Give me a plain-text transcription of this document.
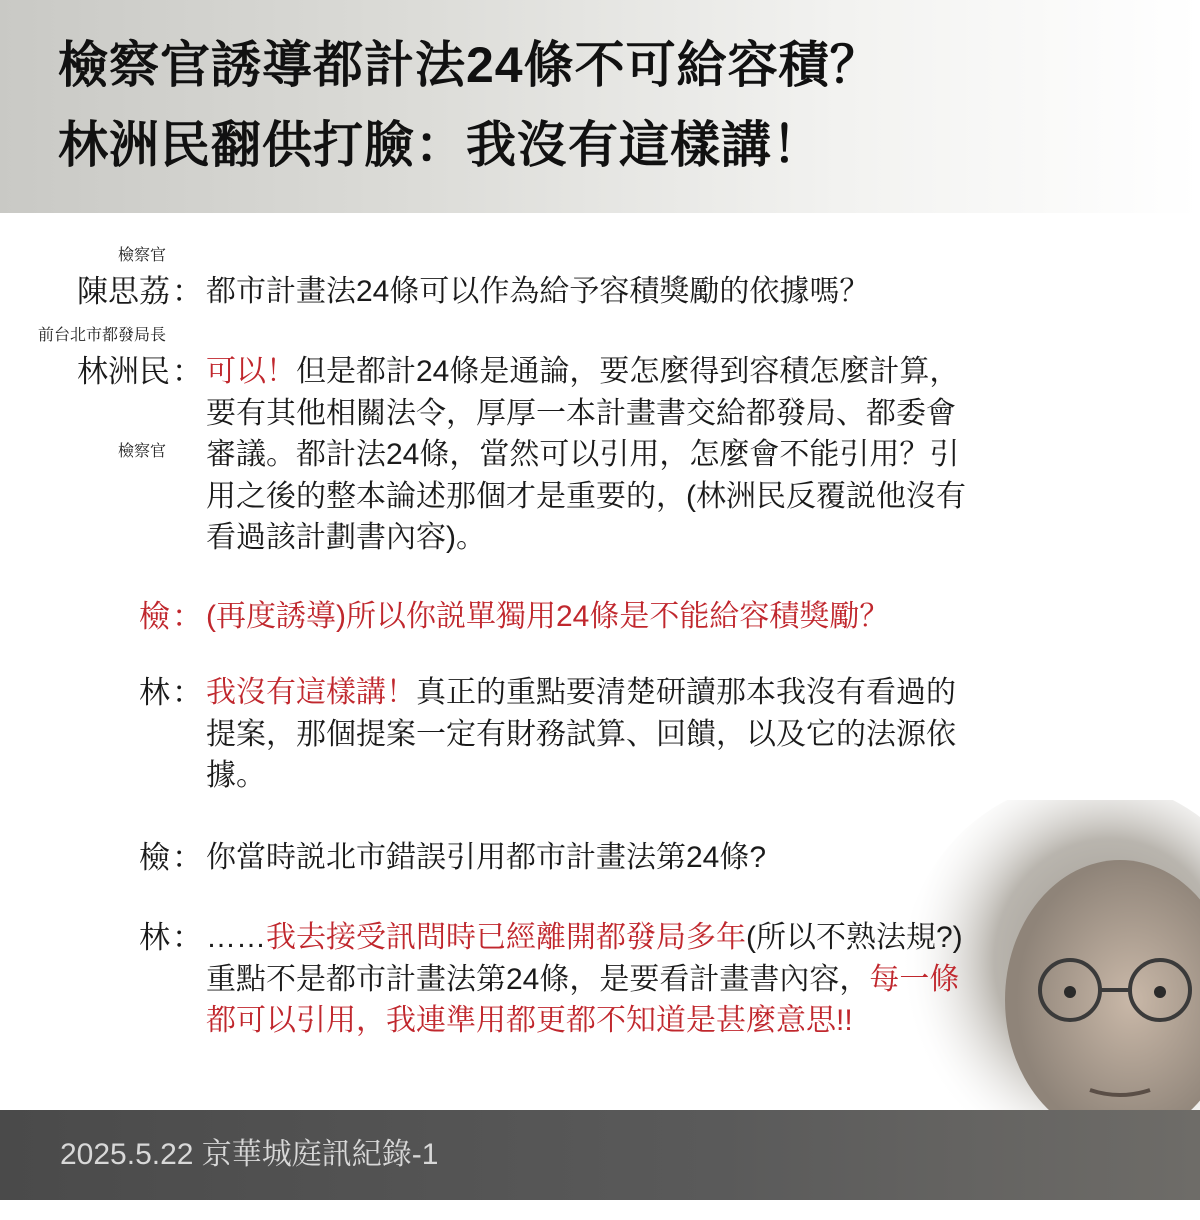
檢察官誘導都計法24條不可給容積？
林洲民翻供打臉：我沒有這樣講！
檢察官
陳思荔 ： 都市計畫法24條可以作為給予容積獎勵的依據嗎？
前台北市都發局長
林洲民 ： 可以！但是都計24條是通論，要怎麼得到容積怎麼計算，
要有其他相關法令，厚厚一本計畫書交給都發局、都委會
審議。都計法24條，當然可以引用，怎麼會不能引用？引
用之後的整本論述那個才是重要的，(林洲民反覆説他沒有
看過該計劃書內容)。
檢 ： (再度誘導)所以你説單獨用24條是不能給容積獎勵？
林 ： 我沒有這樣講！真正的重點要清楚研讀那本我沒有看過的
提案，那個提案一定有財務試算、回饋，以及它的法源依
據。
檢 ： 你當時説北市錯誤引用都市計畫法第24條?
林 ： ……我去接受訊問時已經離開都發局多年(所以不熟法規?)
重點不是都市計畫法第24條，是要看計畫書內容，每一條
都可以引用，我連準用都更都不知道是甚麼意思!!
檢察官
2025.5.22 京華城庭訊紀錄-1
